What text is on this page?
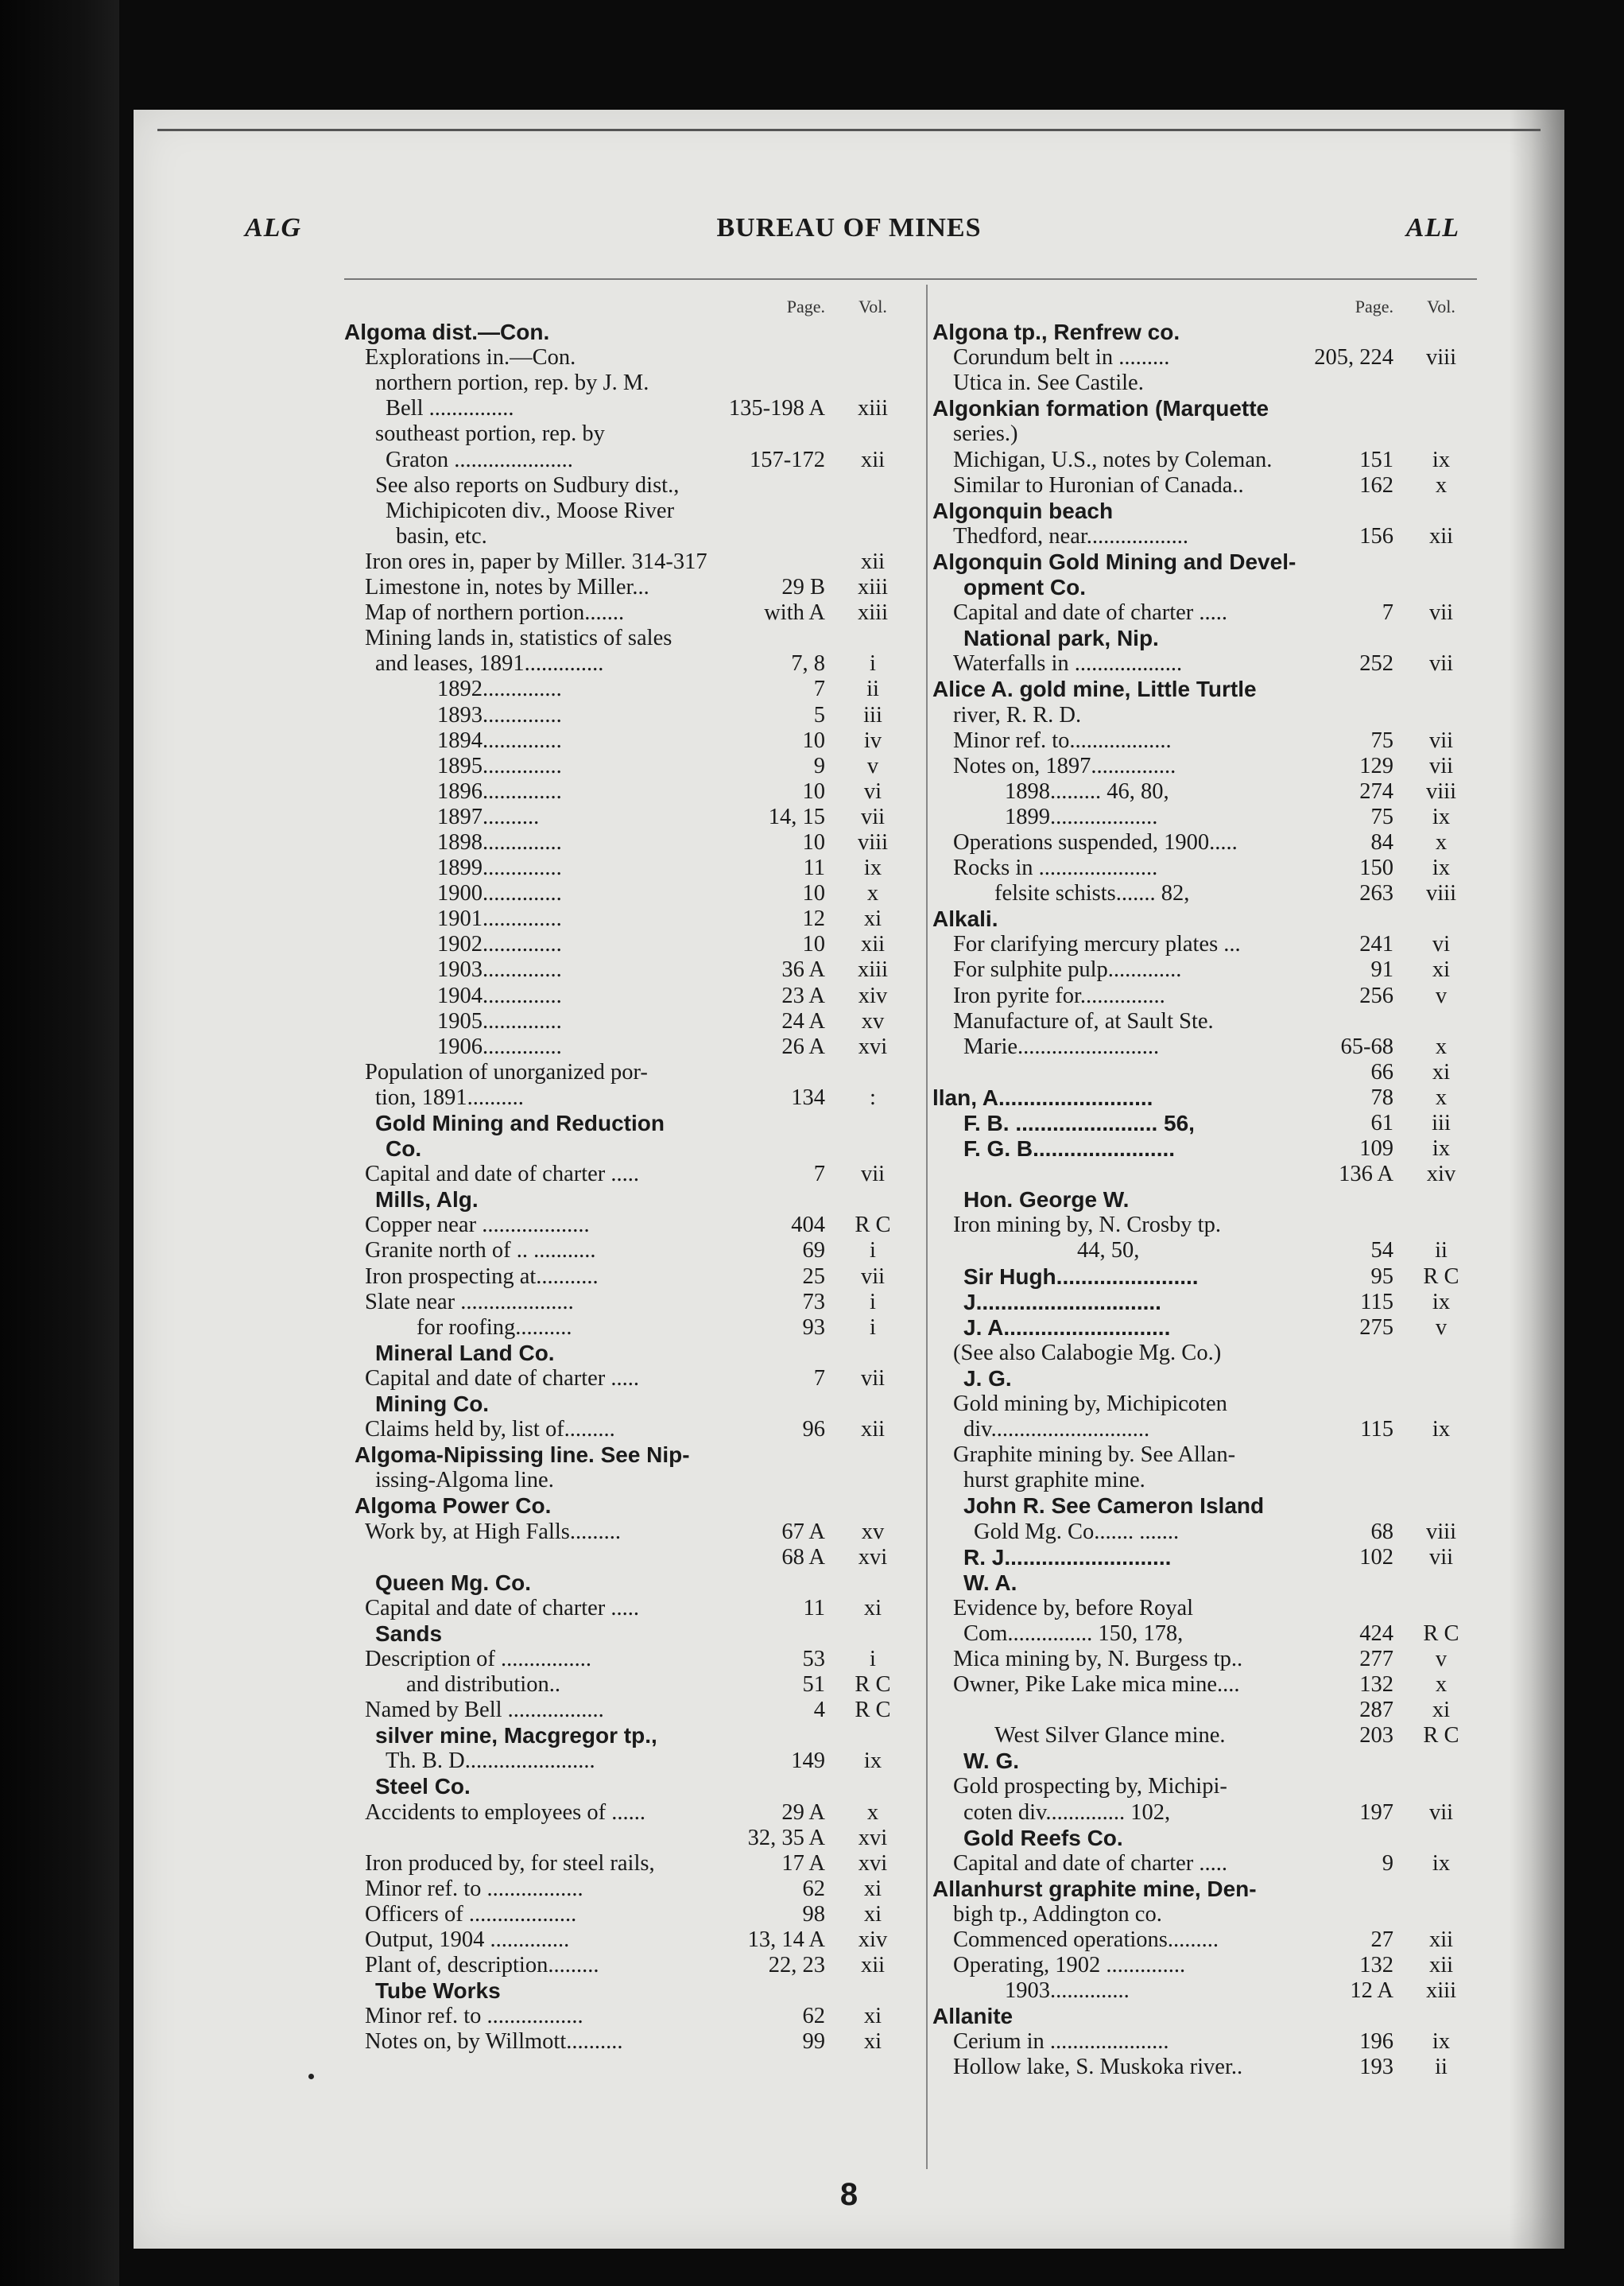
ALG	BUREAU OF MINES	ALL
Page.	Vol.
Algoma dist.—Con.
Explorations in.—Con.
northern portion, rep. by J. M.
Bell ...............	135-198 A	xiii
southeast portion, rep. by
Graton .....................	157-172	xii
See also reports on Sudbury dist.,
Michipicoten div., Moose River
basin, etc.
Iron ores in, paper by Miller. 314-317	xii
Limestone in, notes by Miller...	29 B	xiii
Map of northern portion.......	with A	xiii
Mining lands in, statistics of sales
and leases, 1891..............	7, 8	i
1892..............	7	ii
1893..............	5	iii
1894..............	10	iv
1895..............	9	v
1896..............	10	vi
1897..........	14, 15	vii
1898..............	10	viii
1899..............	11	ix
1900..............	10	x
1901..............	12	xi
1902..............	10	xii
1903..............	36 A	xiii
1904..............	23 A	xiv
1905..............	24 A	xv
1906..............	26 A	xvi
Population of unorganized por-
tion, 1891..........	134	:
Gold Mining and Reduction
Co.
Capital and date of charter .....	7	vii
Mills, Alg.
Copper near ...................	404	R C
Granite north of .. ...........	69	i
Iron prospecting at...........	25	vii
Slate near ....................	73	i
for roofing..........	93	i
Mineral Land Co.
Capital and date of charter .....	7	vii
Mining Co.
Claims held by, list of.........	96	xii
Algoma-Nipissing line. See Nip-
issing-Algoma line.
Algoma Power Co.
Work by, at High Falls.........	67 A	xv
68 A	xvi
Queen Mg. Co.
Capital and date of charter .....	11	xi
Sands
Description of ................	53	i
and distribution..	51	R C
Named by Bell .................	4	R C
silver mine, Macgregor tp.,
Th. B. D.......................	149	ix
Steel Co.
Accidents to employees of ......	29 A	x
32, 35 A	xvi
Iron produced by, for steel rails,	17 A	xvi
Minor ref. to .................	62	xi
Officers of ...................	98	xi
Output, 1904 ..............	13, 14 A	xiv
Plant of, description.........	22, 23	xii
Tube Works
Minor ref. to .................	62	xi
Notes on, by Willmott..........	99	xi
Page.	Vol.
Algona tp., Renfrew co.
Corundum belt in .........	205, 224	viii
Utica in. See Castile.
Algonkian formation (Marquette
series.)
Michigan, U.S., notes by Coleman.	151	ix
Similar to Huronian of Canada..	162	x
Algonquin beach
Thedford, near..................	156	xii
Algonquin Gold Mining and Devel-
opment Co.
Capital and date of charter .....	7	vii
National park, Nip.
Waterfalls in ...................	252	vii
Alice A. gold mine, Little Turtle
river, R. R. D.
Minor ref. to..................	75	vii
Notes on, 1897...............	129	vii
1898......... 46, 80,	274	viii
1899...................	75	ix
Operations suspended, 1900.....	84	x
Rocks in .....................	150	ix
felsite schists....... 82,	263	viii
Alkali.
For clarifying mercury plates ...	241	vi
For sulphite pulp.............	91	xi
Iron pyrite for...............	256	v
Manufacture of, at Sault Ste.
Marie.........................	65-68	x
66	xi
llan, A.........................	78	x
F. B. ....................... 56,	61	iii
F. G. B.......................	109	ix
136 A	xiv
Hon. George W.
Iron mining by, N. Crosby tp.
44, 50,	54	ii
Sir Hugh.......................	95	R C
J..............................	115	ix
J. A...........................	275	v
(See also Calabogie Mg. Co.)
J. G.
Gold mining by, Michipicoten
div............................	115	ix
Graphite mining by. See Allan-
hurst graphite mine.
John R. See Cameron Island
Gold Mg. Co....... .......	68	viii
R. J...........................	102	vii
W. A.
Evidence by, before Royal
Com............... 150, 178,	424	R C
Mica mining by, N. Burgess tp..	277	v
Owner, Pike Lake mica mine....	132	x
287	xi
West Silver Glance mine.	203	R C
W. G.
Gold prospecting by, Michipi-
coten div.............. 102,	197	vii
Gold Reefs Co.
Capital and date of charter .....	9	ix
Allanhurst graphite mine, Den-
bigh tp., Addington co.
Commenced operations.........	27	xii
Operating, 1902 ..............	132	xii
1903..............	12 A	xiii
Allanite
Cerium in .....................	196	ix
Hollow lake, S. Muskoka river..	193	ii
8
